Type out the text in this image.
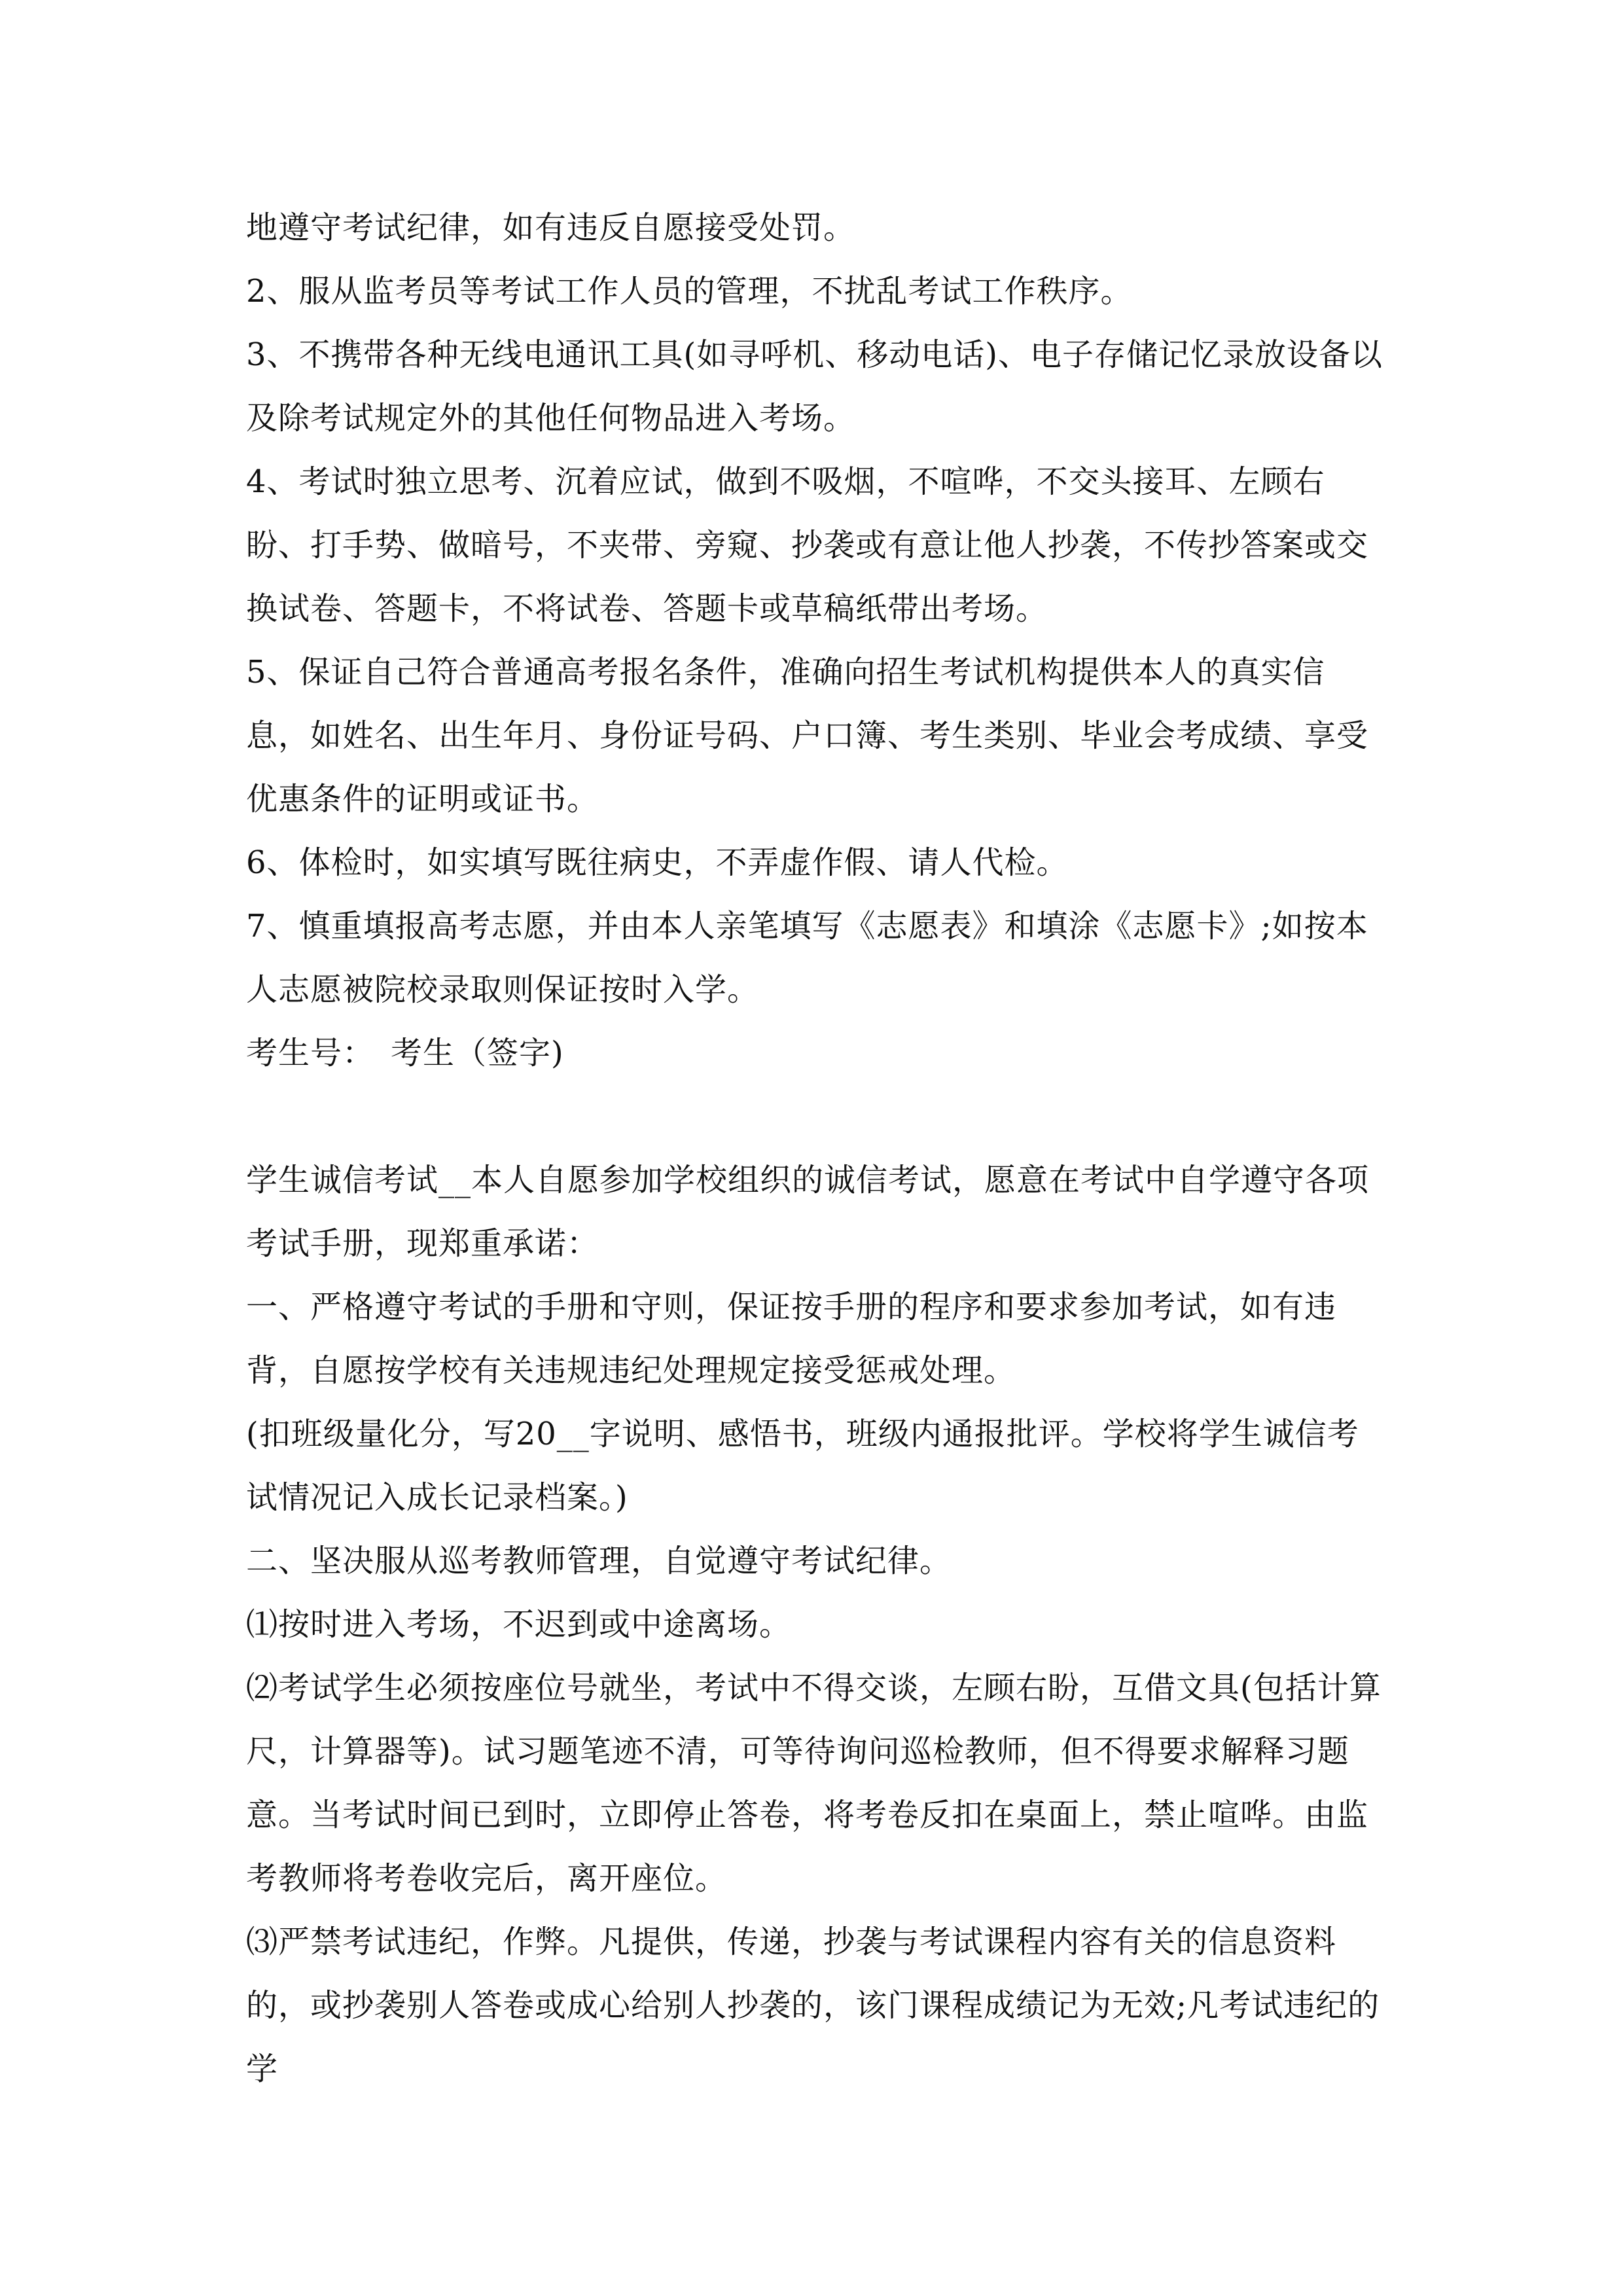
地遵守考试纪律，如有违反自愿接受处罚。

2、服从监考员等考试工作人员的管理，不扰乱考试工作秩序。

3、不携带各种无线电通讯工具(如寻呼机、移动电话)、电子存储记忆录放设备以及除考试规定外的其他任何物品进入考场。

4、考试时独立思考、沉着应试，做到不吸烟，不喧哗，不交头接耳、左顾右盼、打手势、做暗号，不夹带、旁窥、抄袭或有意让他人抄袭，不传抄答案或交换试卷、答题卡，不将试卷、答题卡或草稿纸带出考场。

5、保证自己符合普通高考报名条件，准确向招生考试机构提供本人的真实信息，如姓名、出生年月、身份证号码、户口簿、考生类别、毕业会考成绩、享受优惠条件的证明或证书。

6、体检时，如实填写既往病史，不弄虚作假、请人代检。

7、慎重填报高考志愿，并由本人亲笔填写《志愿表》和填涂《志愿卡》;如按本人志愿被院校录取则保证按时入学。

考生号：　考生（签字)

学生诚信考试__本人自愿参加学校组织的诚信考试，愿意在考试中自学遵守各项考试手册，现郑重承诺：

一、严格遵守考试的手册和守则，保证按手册的程序和要求参加考试，如有违背，自愿按学校有关违规违纪处理规定接受惩戒处理。

(扣班级量化分，写20__字说明、感悟书，班级内通报批评。学校将学生诚信考试情况记入成长记录档案。)

二、坚决服从巡考教师管理，自觉遵守考试纪律。

⑴按时进入考场，不迟到或中途离场。

⑵考试学生必须按座位号就坐，考试中不得交谈，左顾右盼，互借文具(包括计算尺，计算器等)。试习题笔迹不清，可等待询问巡检教师，但不得要求解释习题意。当考试时间已到时，立即停止答卷，将考卷反扣在桌面上，禁止喧哗。由监考教师将考卷收完后，离开座位。

⑶严禁考试违纪，作弊。凡提供，传递，抄袭与考试课程内容有关的信息资料的，或抄袭别人答卷或成心给别人抄袭的，该门课程成绩记为无效;凡考试违纪的学
